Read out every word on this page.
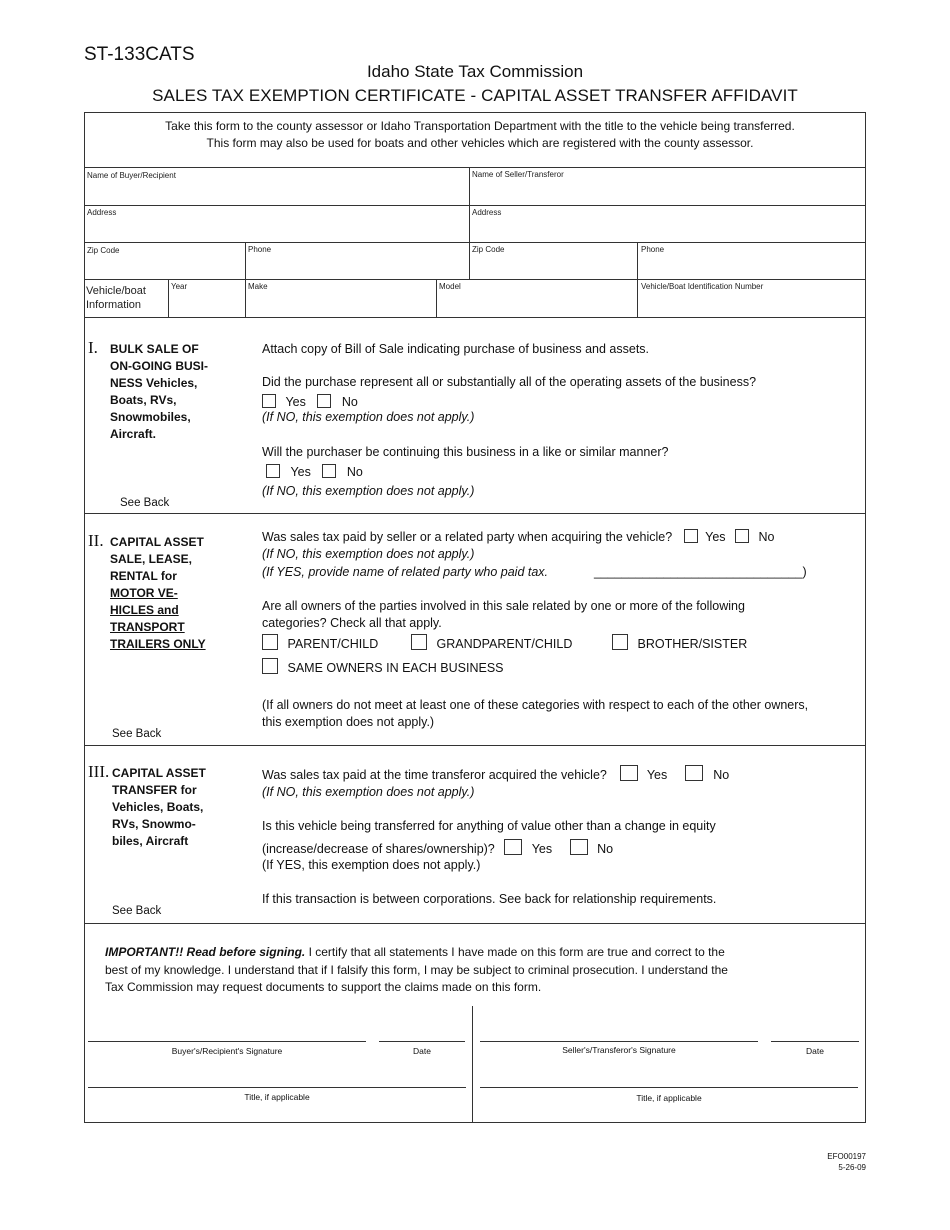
ST-133CATS
Idaho State Tax Commission
SALES TAX EXEMPTION CERTIFICATE - CAPITAL ASSET TRANSFER AFFIDAVIT
Take this form to the county assessor or Idaho Transportation Department with the title to the vehicle being transferred.
This form may also be used for boats and other vehicles which are registered with the county assessor.
Name of Buyer/Recipient	Name of Seller/Transferor
Address	Address
Zip Code	Phone	Zip Code	Phone
Vehicle/boat
Information
Year	Make	Model	Vehicle/Boat Identification Number
I. BULK SALE OF
ON-GOING BUSI-
NESS Vehicles,
Boats, RVs,
Snowmobiles,
Aircraft.
See Back
Attach copy of Bill of Sale indicating purchase of business and assets.
Did the purchase represent all or substantially all of the operating assets of the business?
Yes	No
(If NO, this exemption does not apply.)
Will the purchaser be continuing this business in a like or similar manner?
Yes	No
(If NO, this exemption does not apply.)
II. CAPITAL ASSET
SALE, LEASE,
RENTAL for
MOTOR VE-
HICLES and
TRANSPORT
TRAILERS ONLY
See Back
Was sales tax paid by seller or a related party when acquiring the vehicle?	Yes	No
(If NO, this exemption does not apply.)
(If YES, provide name of related party who paid tax.	______________________________)
Are all owners of the parties involved in this sale related by one or more of the following
categories? Check all that apply.
PARENT/CHILD	GRANDPARENT/CHILD	BROTHER/SISTER
SAME OWNERS IN EACH BUSINESS
(If all owners do not meet at least one of these categories with respect to each of the other owners,
this exemption does not apply.)
III. CAPITAL ASSET
TRANSFER for
Vehicles, Boats,
RVs, Snowmo-
biles, Aircraft
See Back
Was sales tax paid at the time transferor acquired the vehicle?	Yes	No
(If NO, this exemption does not apply.)
Is this vehicle being transferred for anything of value other than a change in equity
(increase/decrease of shares/ownership)?	Yes	No
(If YES, this exemption does not apply.)
If this transaction is between corporations. See back for relationship requirements.
IMPORTANT!! Read before signing. I certify that all statements I have made on this form are true and correct to the
best of my knowledge. I understand that if I falsify this form, I may be subject to criminal prosecution. I understand the
Tax Commission may request documents to support the claims made on this form.
Buyer's/Recipient's Signature	Date	Seller's/Transferor's Signature	Date
Title, if applicable	Title, if applicable
EFO00197
5-26-09
